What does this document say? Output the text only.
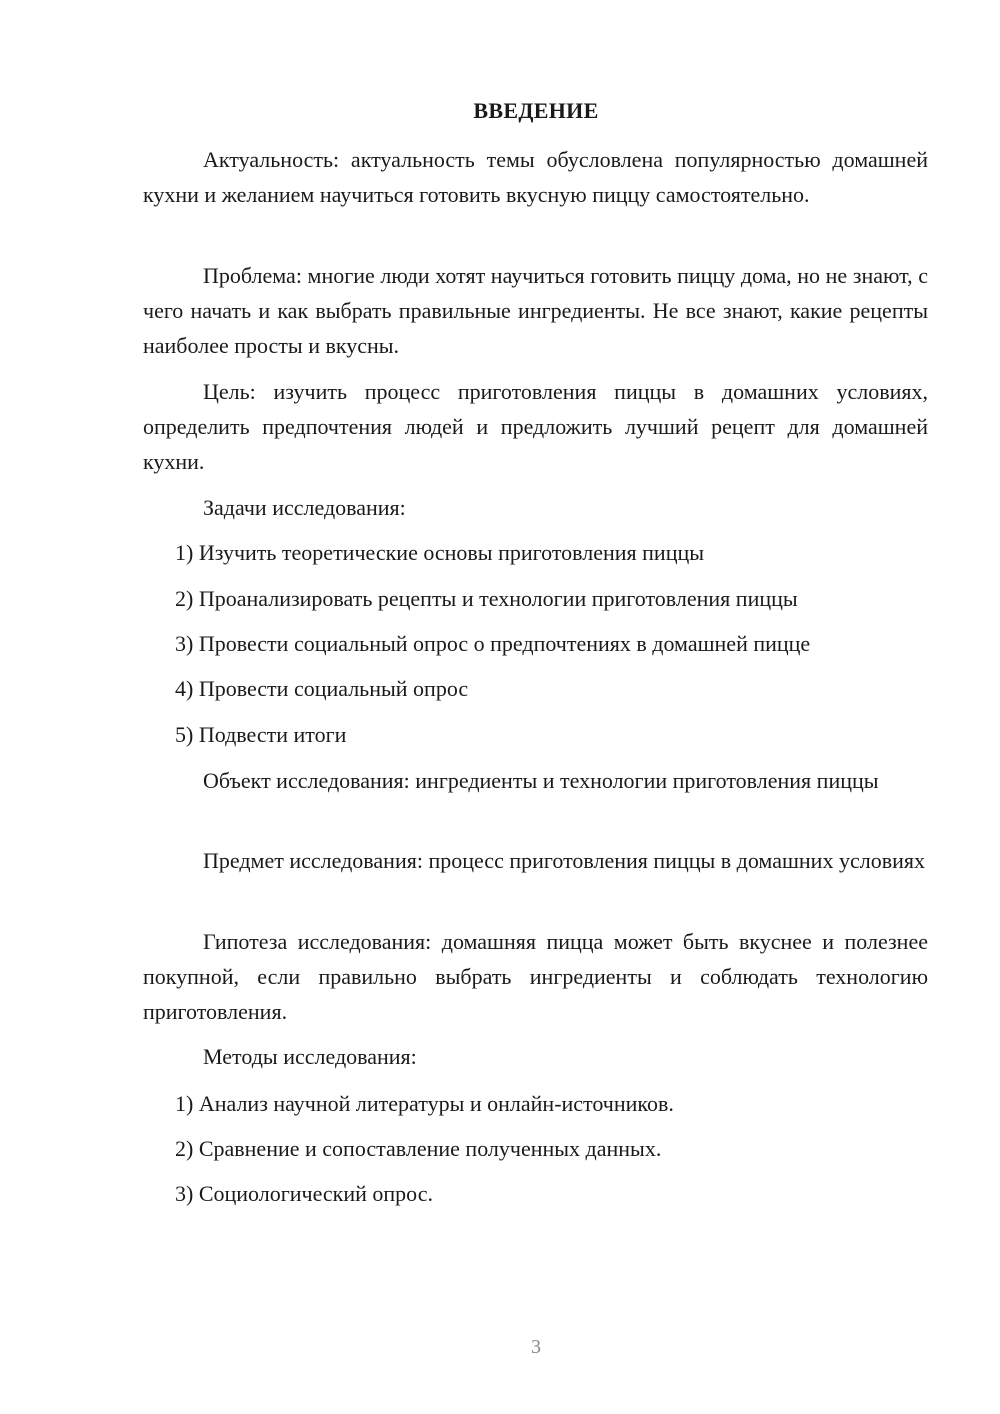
ВВЕДЕНИЕ

Актуальность: актуальность темы обусловлена популярностью домашней кухни и желанием научиться готовить вкусную пиццу самостоятельно.

Проблема: многие люди хотят научиться готовить пиццу дома, но не знают, с чего начать и как выбрать правильные ингредиенты. Не все знают, какие рецепты наиболее просты и вкусны.

Цель: изучить процесс приготовления пиццы в домашних условиях, определить предпочтения людей и предложить лучший рецепт для домашней кухни.

Задачи исследования:
1) Изучить теоретические основы приготовления пиццы
2) Проанализировать рецепты и технологии приготовления пиццы
3) Провести социальный опрос о предпочтениях в домашней пицце
4) Провести социальный опрос
5) Подвести итоги

Объект исследования: ингредиенты и технологии приготовления пиццы

Предмет исследования: процесс приготовления пиццы в домашних условиях

Гипотеза исследования: домашняя пицца может быть вкуснее и полезнее покупной, если правильно выбрать ингредиенты и соблюдать технологию приготовления.

Методы исследования:
1) Анализ научной литературы и онлайн-источников.
2) Сравнение и сопоставление полученных данных.
3) Социологический опрос.
3
